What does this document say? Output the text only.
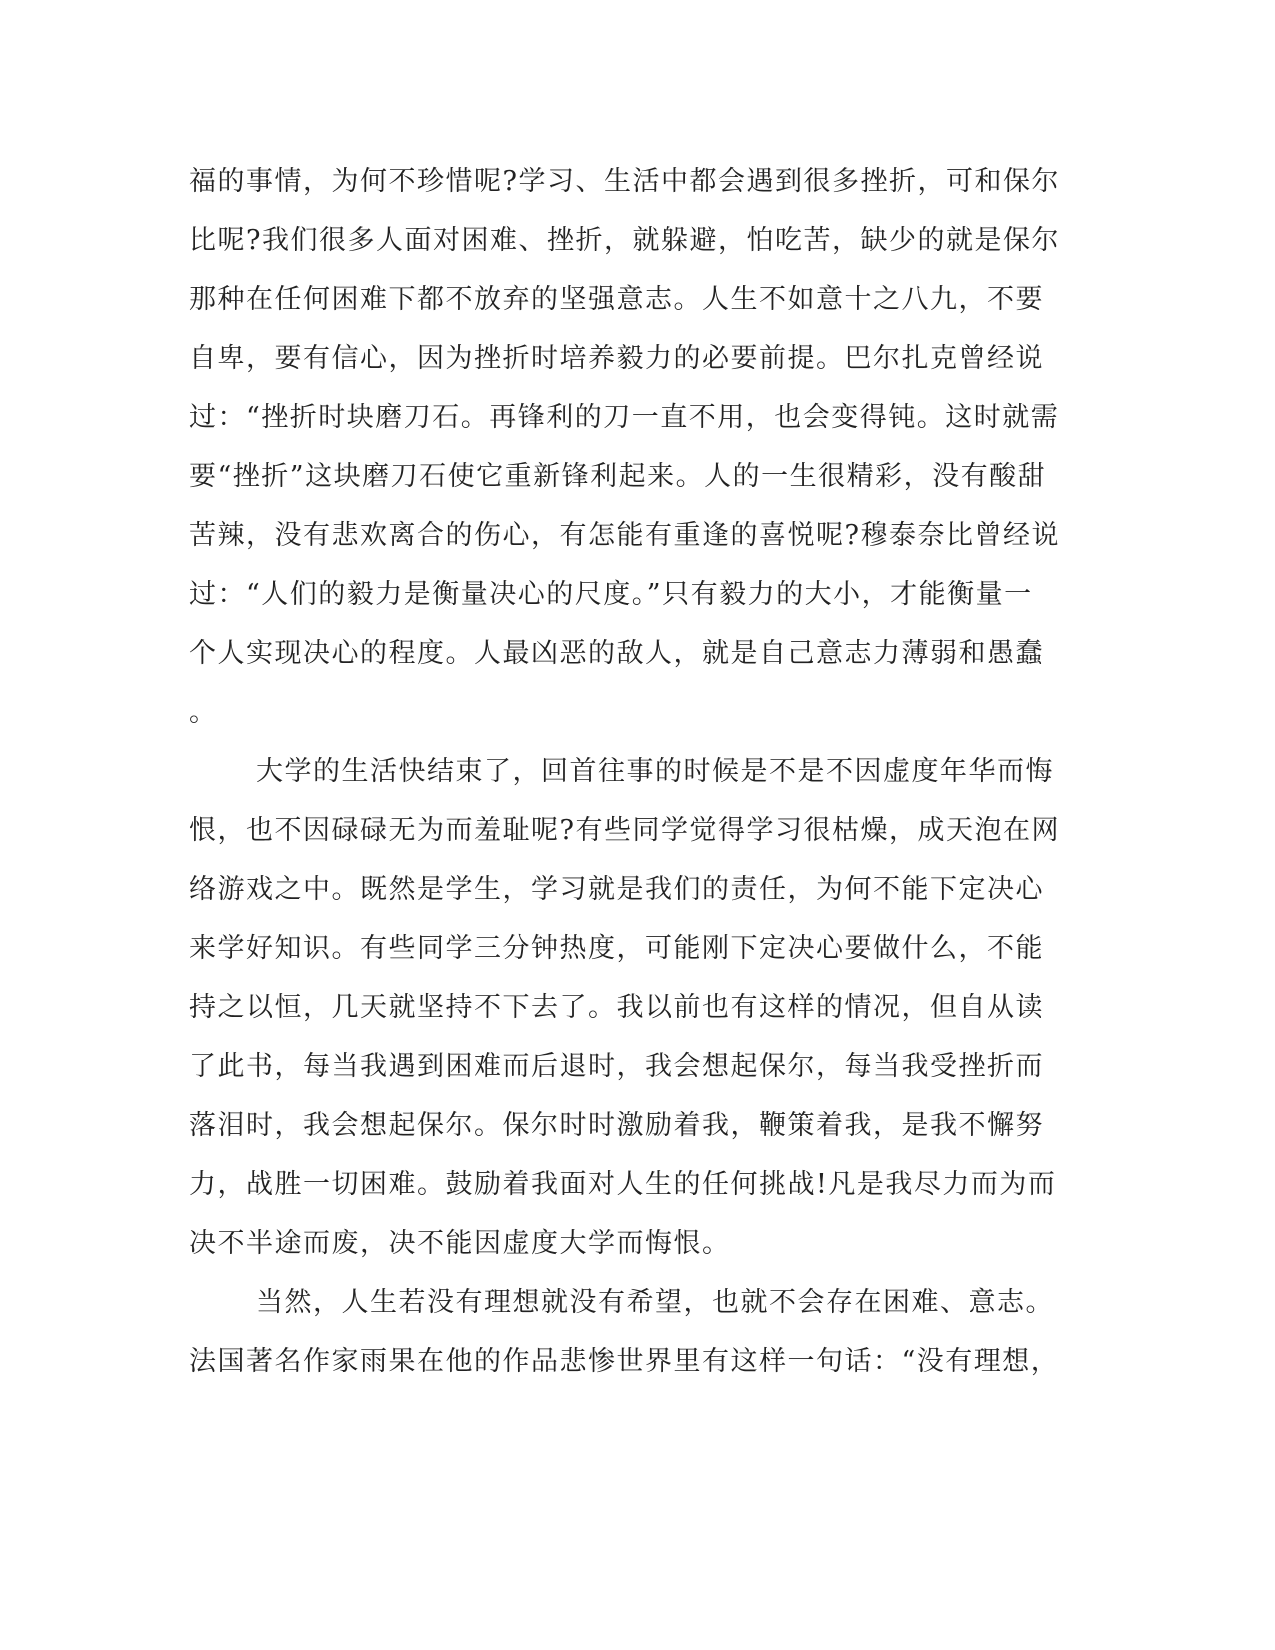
福的事情，为何不珍惜呢?学习、生活中都会遇到很多挫折，可和保尔
比呢?我们很多人面对困难、挫折，就躲避，怕吃苦，缺少的就是保尔
那种在任何困难下都不放弃的坚强意志。人生不如意十之八九，不要
自卑，要有信心，因为挫折时培养毅力的必要前提。巴尔扎克曾经说
过：“挫折时块磨刀石。再锋利的刀一直不用，也会变得钝。这时就需
要“挫折”这块磨刀石使它重新锋利起来。人的一生很精彩，没有酸甜
苦辣，没有悲欢离合的伤心，有怎能有重逢的喜悦呢?穆泰奈比曾经说
过：“人们的毅力是衡量决心的尺度。”只有毅力的大小，才能衡量一
个人实现决心的程度。人最凶恶的敌人，就是自己意志力薄弱和愚蠢
。
大学的生活快结束了，回首往事的时候是不是不因虚度年华而悔
恨，也不因碌碌无为而羞耻呢?有些同学觉得学习很枯燥，成天泡在网
络游戏之中。既然是学生，学习就是我们的责任，为何不能下定决心
来学好知识。有些同学三分钟热度，可能刚下定决心要做什么，不能
持之以恒，几天就坚持不下去了。我以前也有这样的情况，但自从读
了此书，每当我遇到困难而后退时，我会想起保尔，每当我受挫折而
落泪时，我会想起保尔。保尔时时激励着我，鞭策着我，是我不懈努
力，战胜一切困难。鼓励着我面对人生的任何挑战!凡是我尽力而为而
决不半途而废，决不能因虚度大学而悔恨。
当然，人生若没有理想就没有希望，也就不会存在困难、意志。
法国著名作家雨果在他的作品悲惨世界里有这样一句话：“没有理想，
